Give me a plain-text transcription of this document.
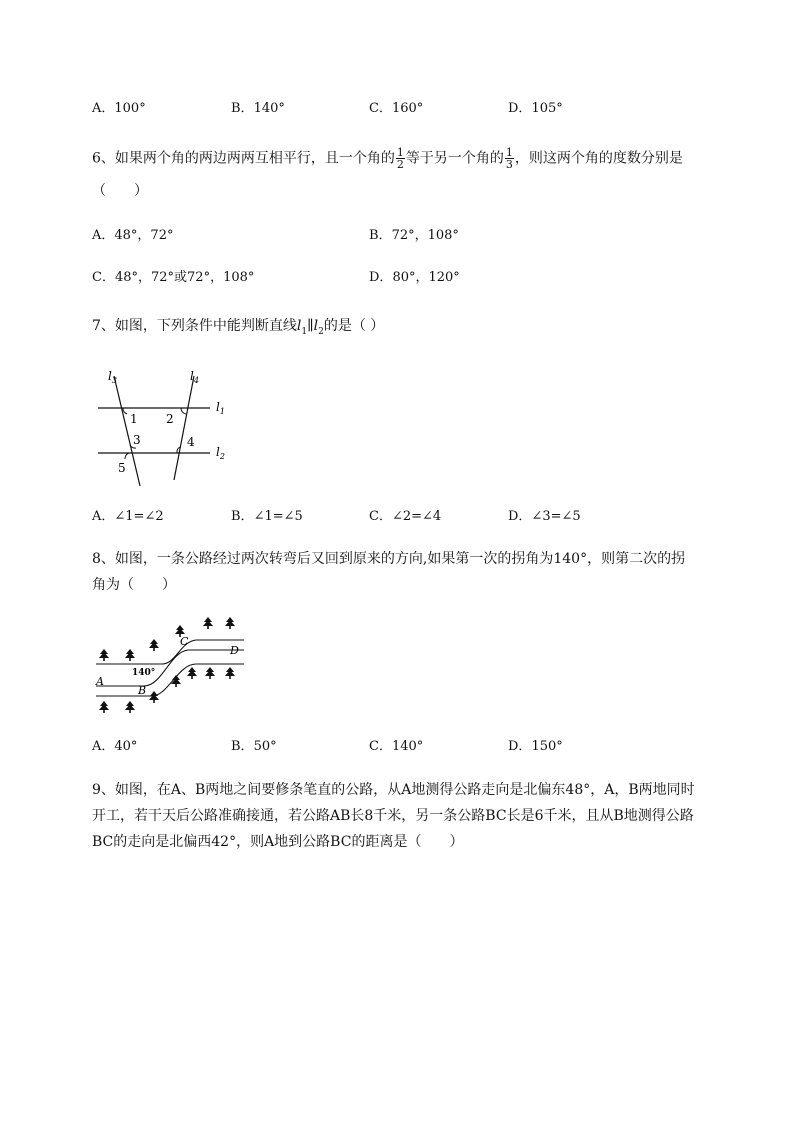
A．100°	B．140°	C．160°	D．105°
6、如果两个角的两边两两互相平行，且一个角的 $\frac{1}{2}$ 等于另一个角的 $\frac{1}{3}$ ，则这两个角的度数分别是
（　　）
A．48°，72°	B．72°，108°
C．48°，72°或72°，108°	D．80°，120°
7、如图，下列条件中能判断直线$l_1\parallel l_2$的是（ ）
$l_3$	$l_4$
$l_1$
$l_2$
1 2
3	4
5
A．∠1=∠2	B．∠1=∠5	C．∠2=∠4	D．∠3=∠5
8、如图，一条公路经过两次转弯后又回到原来的方向,如果第一次的拐角为140°，则第二次的拐
角为（　　）
A
B
C
D
140°
A．40°	B．50°	C．140°	D．150°
9、如图，在A、B两地之间要修条笔直的公路，从A地测得公路走向是北偏东48°，A，B两地同时
开工，若干天后公路准确接通，若公路AB长8千米，另一条公路BC长是6千米，且从B地测得公路
BC的走向是北偏西42°，则A地到公路BC的距离是（　　）
